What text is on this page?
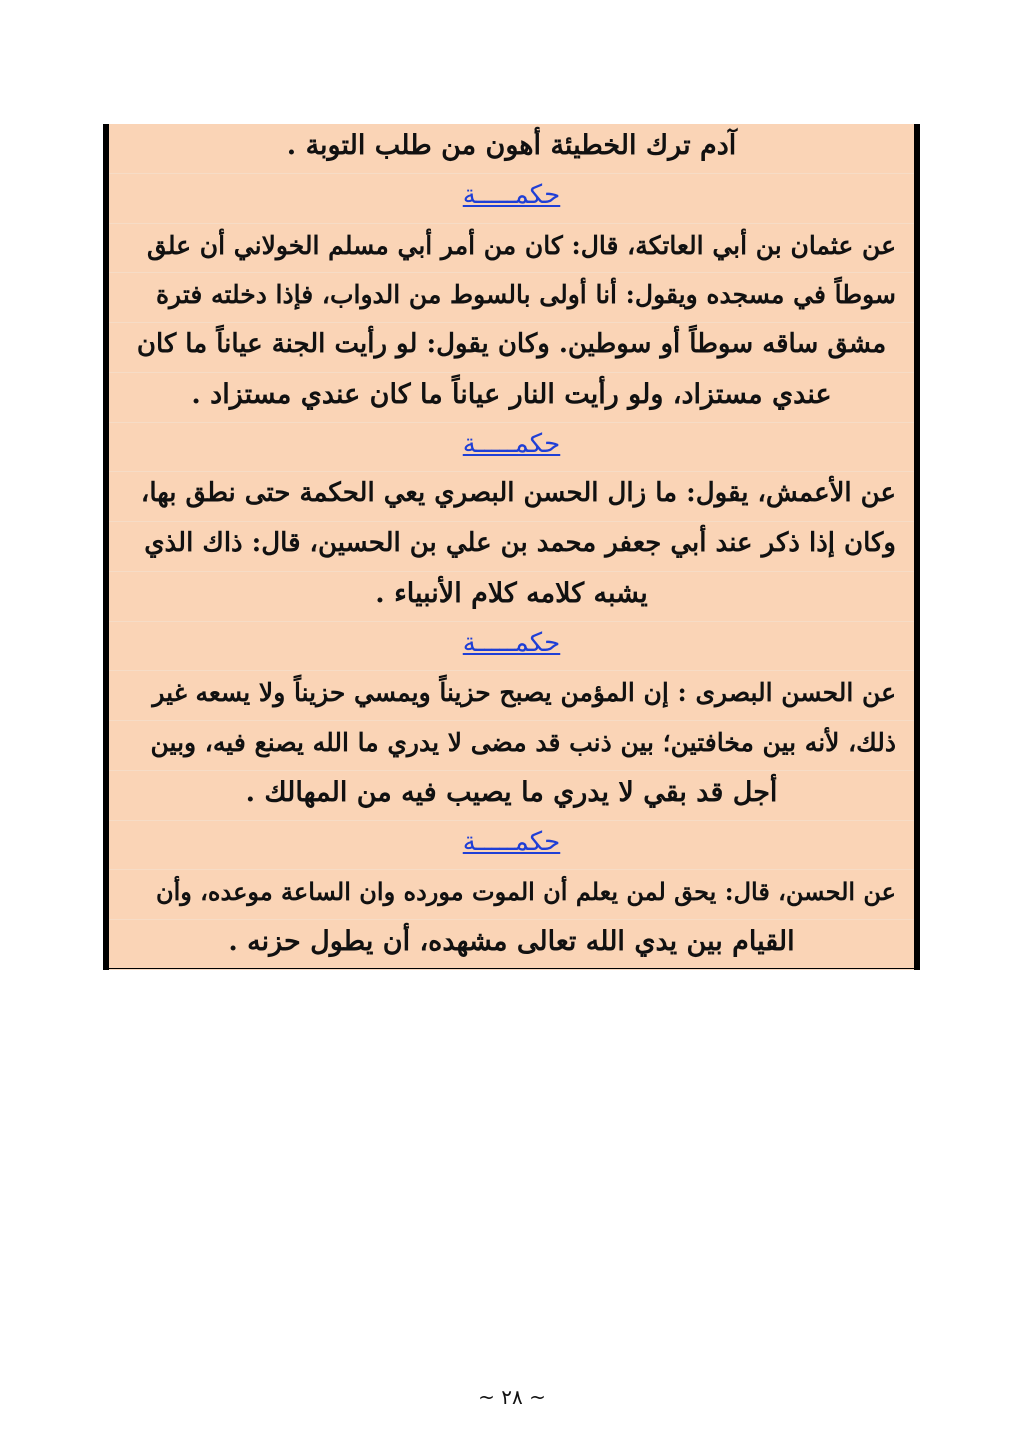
آدم ترك الخطيئة أهون من طلب التوبة .
حكمـــــة
عن عثمان بن أبي العاتكة، قال: كان من أمر أبي مسلم الخولاني أن علق
سوطاً في مسجده ويقول: أنا أولى بالسوط من الدواب، فإذا دخلته فترة
مشق ساقه سوطاً أو سوطين. وكان يقول: لو رأيت الجنة عياناً ما كان
عندي مستزاد، ولو رأيت النار عياناً ما كان عندي مستزاد .
حكمـــــة
عن الأعمش، يقول: ما زال الحسن البصري يعي الحكمة حتى نطق بها،
وكان إذا ذكر عند أبي جعفر محمد بن علي بن الحسين، قال: ذاك الذي
يشبه كلامه كلام الأنبياء .
حكمـــــة
عن الحسن البصرى : إن المؤمن يصبح حزيناً ويمسي حزيناً ولا يسعه غير
ذلك، لأنه بين مخافتين؛ بين ذنب قد مضى لا يدري ما الله يصنع فيه، وبين
أجل قد بقي لا يدري ما يصيب فيه من المهالك .
حكمـــــة
عن الحسن، قال: يحق لمن يعلم أن الموت مورده وان الساعة موعده، وأن
القيام بين يدي الله تعالى مشهده، أن يطول حزنه .
~ ٢٨ ~
